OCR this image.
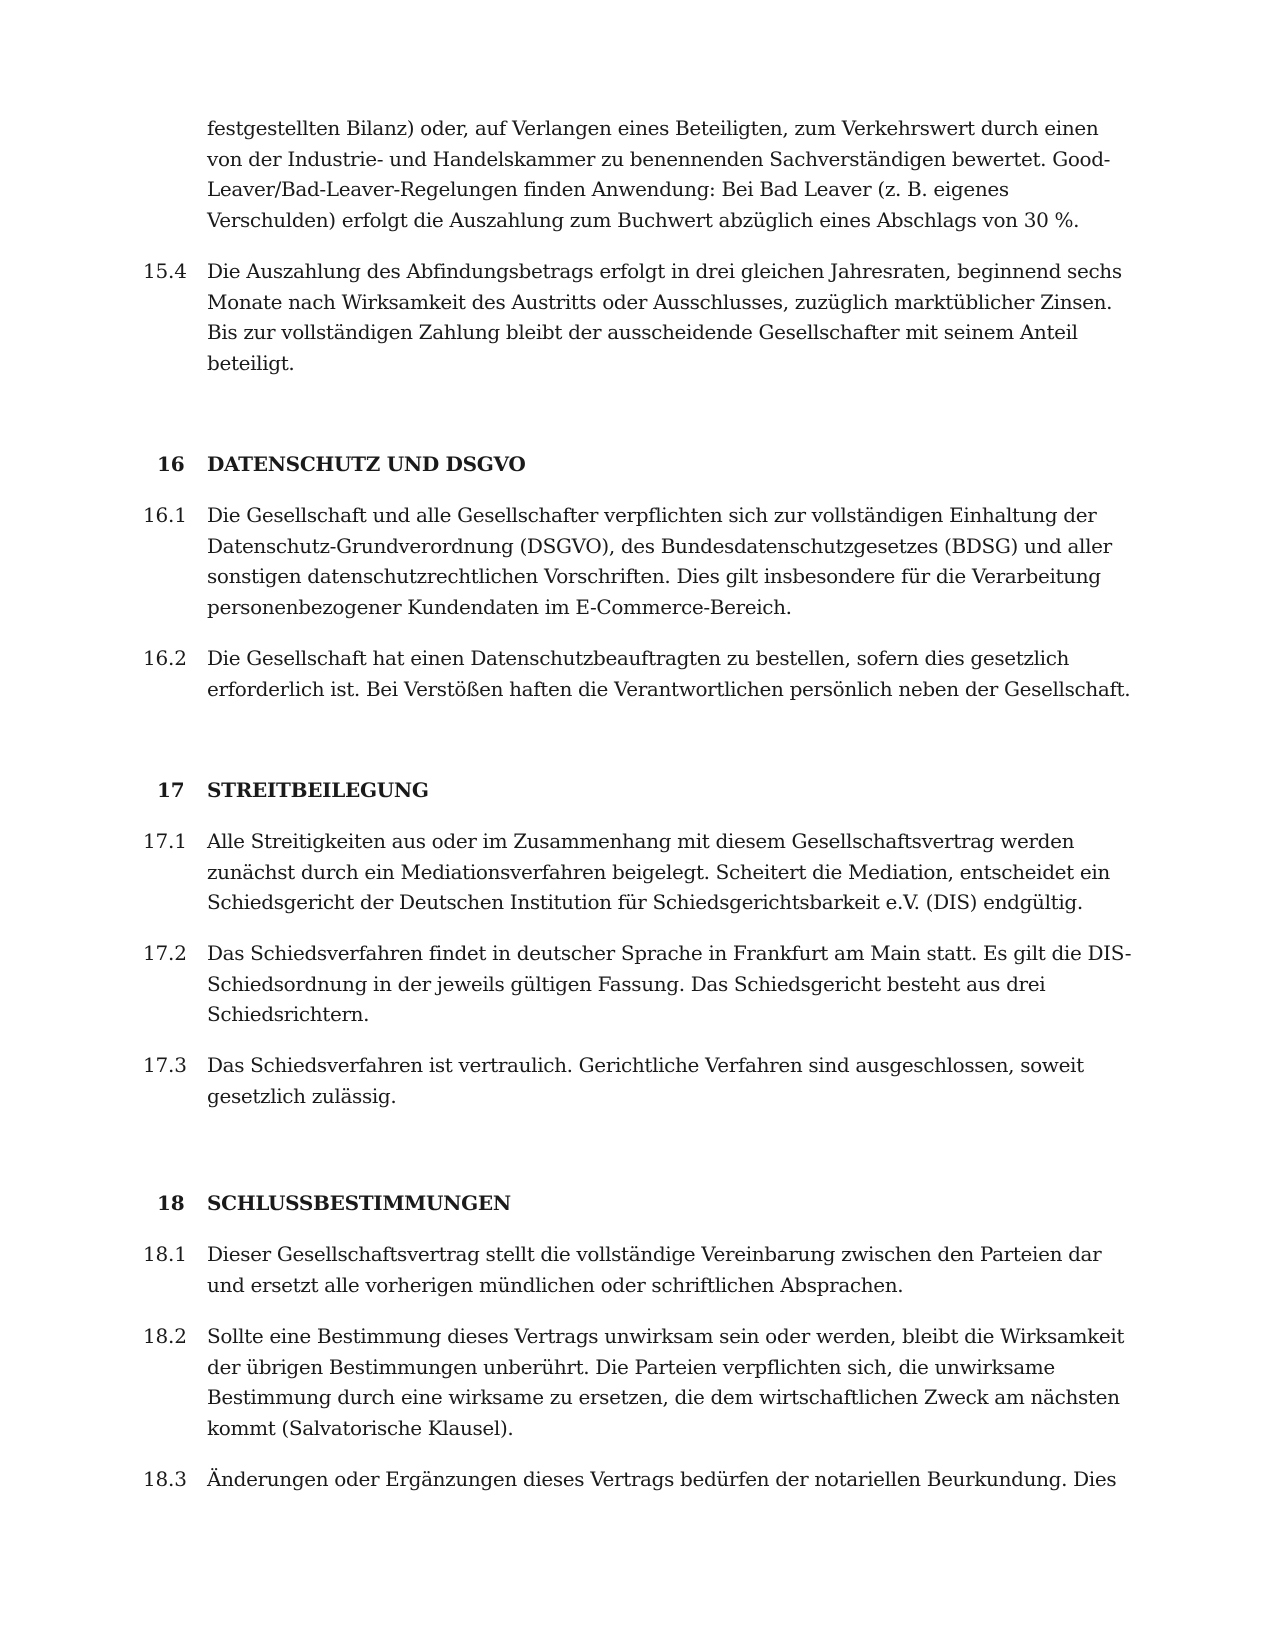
festgestellten Bilanz) oder, auf Verlangen eines Beteiligten, zum Verkehrswert durch einen
von der Industrie- und Handelskammer zu benennenden Sachverständigen bewertet. Good-
Leaver/Bad-Leaver-Regelungen finden Anwendung: Bei Bad Leaver (z. B. eigenes
Verschulden) erfolgt die Auszahlung zum Buchwert abzüglich eines Abschlags von 30 %.
15.4	Die Auszahlung des Abfindungsbetrags erfolgt in drei gleichen Jahresraten, beginnend sechs
Monate nach Wirksamkeit des Austritts oder Ausschlusses, zuzüglich marktüblicher Zinsen.
Bis zur vollständigen Zahlung bleibt der ausscheidende Gesellschafter mit seinem Anteil
beteiligt.
16	DATENSCHUTZ UND DSGVO
16.1	Die Gesellschaft und alle Gesellschafter verpflichten sich zur vollständigen Einhaltung der
Datenschutz-Grundverordnung (DSGVO), des Bundesdatenschutzgesetzes (BDSG) und aller
sonstigen datenschutzrechtlichen Vorschriften. Dies gilt insbesondere für die Verarbeitung
personenbezogener Kundendaten im E-Commerce-Bereich.
16.2	Die Gesellschaft hat einen Datenschutzbeauftragten zu bestellen, sofern dies gesetzlich
erforderlich ist. Bei Verstößen haften die Verantwortlichen persönlich neben der Gesellschaft.
17	STREITBEILEGUNG
17.1	Alle Streitigkeiten aus oder im Zusammenhang mit diesem Gesellschaftsvertrag werden
zunächst durch ein Mediationsverfahren beigelegt. Scheitert die Mediation, entscheidet ein
Schiedsgericht der Deutschen Institution für Schiedsgerichtsbarkeit e.V. (DIS) endgültig.
17.2	Das Schiedsverfahren findet in deutscher Sprache in Frankfurt am Main statt. Es gilt die DIS-
Schiedsordnung in der jeweils gültigen Fassung. Das Schiedsgericht besteht aus drei
Schiedsrichtern.
17.3	Das Schiedsverfahren ist vertraulich. Gerichtliche Verfahren sind ausgeschlossen, soweit
gesetzlich zulässig.
18	SCHLUSSBESTIMMUNGEN
18.1	Dieser Gesellschaftsvertrag stellt die vollständige Vereinbarung zwischen den Parteien dar
und ersetzt alle vorherigen mündlichen oder schriftlichen Absprachen.
18.2	Sollte eine Bestimmung dieses Vertrags unwirksam sein oder werden, bleibt die Wirksamkeit
der übrigen Bestimmungen unberührt. Die Parteien verpflichten sich, die unwirksame
Bestimmung durch eine wirksame zu ersetzen, die dem wirtschaftlichen Zweck am nächsten
kommt (Salvatorische Klausel).
18.3	Änderungen oder Ergänzungen dieses Vertrags bedürfen der notariellen Beurkundung. Dies
